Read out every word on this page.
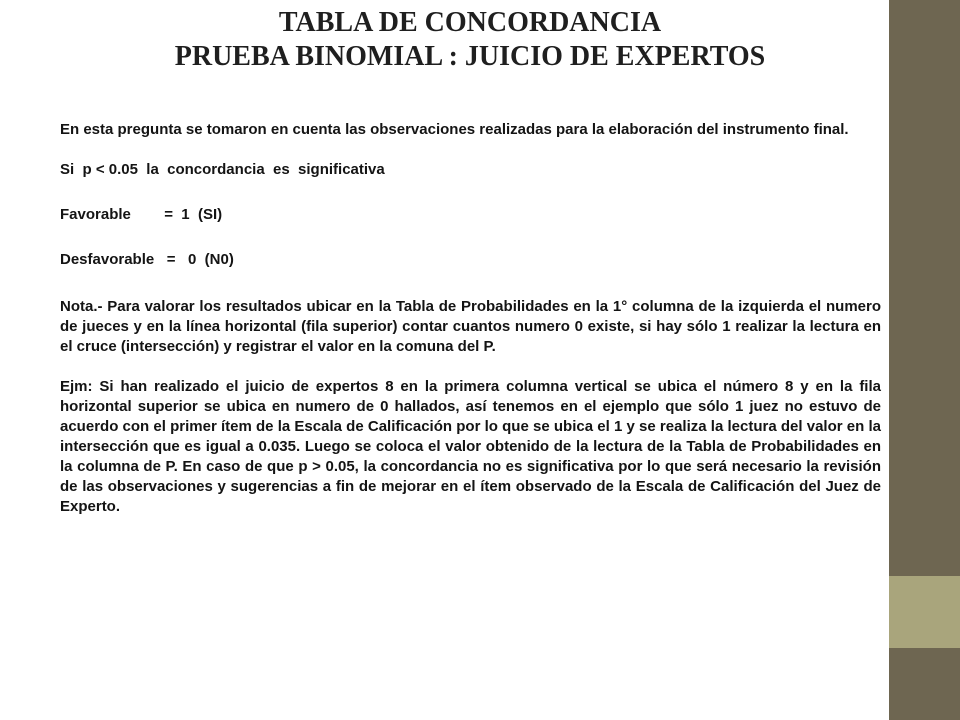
TABLA DE CONCORDANCIA
PRUEBA BINOMIAL : JUICIO DE EXPERTOS

En esta pregunta se tomaron en cuenta las observaciones realizadas para la elaboración del instrumento final.

Si  p < 0.05  la  concordancia  es  significativa

Favorable        =  1  (SI)

Desfavorable   =   0  (N0)

Nota.- Para valorar los resultados ubicar en la Tabla de Probabilidades en la 1° columna de la izquierda el numero de jueces y en la línea horizontal (fila superior) contar cuantos numero 0 existe, si hay sólo 1 realizar la lectura en el cruce (intersección) y registrar el valor en la comuna del P.

Ejm: Si han realizado el juicio de expertos 8 en la primera columna vertical se ubica el número 8 y en la fila horizontal superior se ubica en numero de 0 hallados, así tenemos en el ejemplo que sólo 1 juez no estuvo de acuerdo con el primer ítem de la Escala de Calificación por lo que se ubica el 1 y se realiza la lectura del valor en la intersección que es igual a 0.035. Luego se coloca el valor obtenido de la lectura de la Tabla de Probabilidades en la columna de P. En caso de que p > 0.05, la concordancia no es significativa por lo que será necesario la revisión de las observaciones y sugerencias a fin de mejorar en el ítem observado de la Escala de Calificación del Juez de Experto.
